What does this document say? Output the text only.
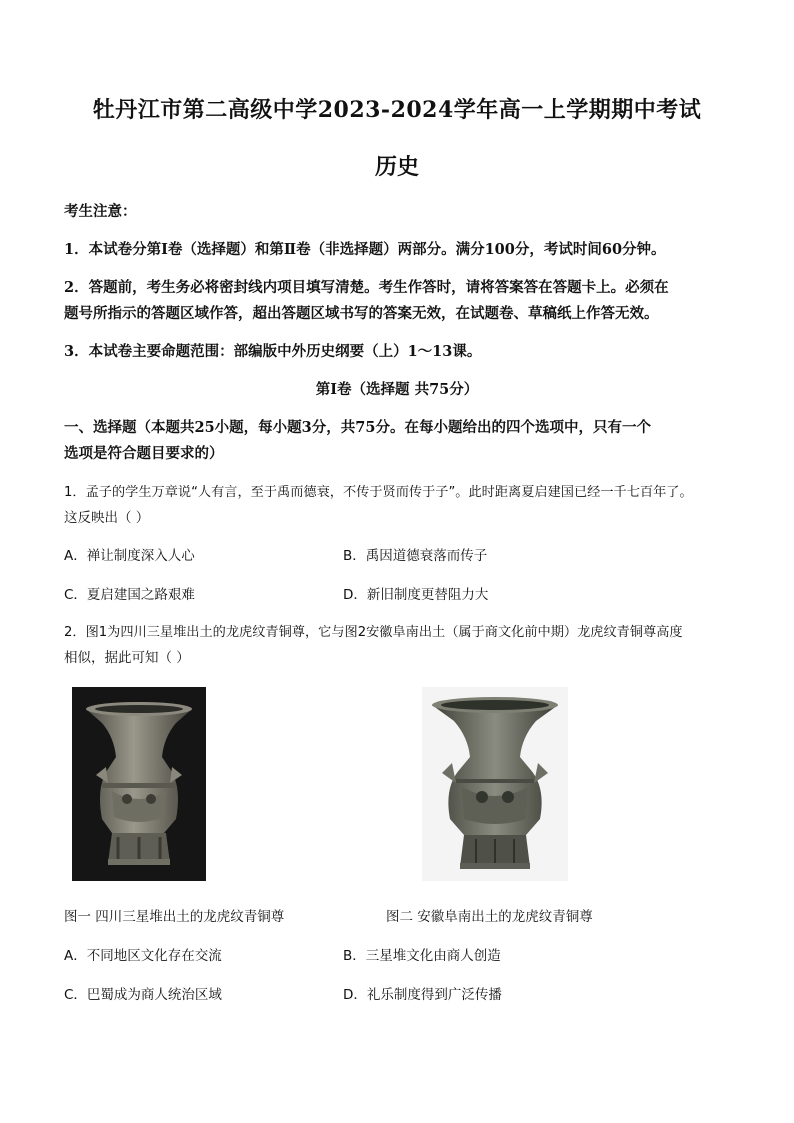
牡丹江市第二高级中学2023-2024学年高一上学期期中考试
历史
考生注意：
1．本试卷分第Ⅰ卷（选择题）和第Ⅱ卷（非选择题）两部分。满分100分，考试时间60分钟。
2．答题前，考生务必将密封线内项目填写清楚。考生作答时，请将答案答在答题卡上。必须在
题号所指示的答题区域作答，超出答题区域书写的答案无效，在试题卷、草稿纸上作答无效。
3．本试卷主要命题范围：部编版中外历史纲要（上）1～13课。
第Ⅰ卷（选择题 共75分）
一、选择题（本题共25小题，每小题3分，共75分。在每小题给出的四个选项中，只有一个
选项是符合题目要求的）
1．孟子的学生万章说“人有言，至于禹而德衰，不传于贤而传于子”。此时距离夏启建国已经一千七百年了。
这反映出（ ）
A．禅让制度深入人心	B．禹因道德衰落而传子
C．夏启建国之路艰难	D．新旧制度更替阻力大
2．图1为四川三星堆出土的龙虎纹青铜尊，它与图2安徽阜南出土（属于商文化前中期）龙虎纹青铜尊高度
相似，据此可知（ ）
图一 四川三星堆出土的龙虎纹青铜尊	图二 安徽阜南出土的龙虎纹青铜尊
A．不同地区文化存在交流	B．三星堆文化由商人创造
C．巴蜀成为商人统治区域	D．礼乐制度得到广泛传播
